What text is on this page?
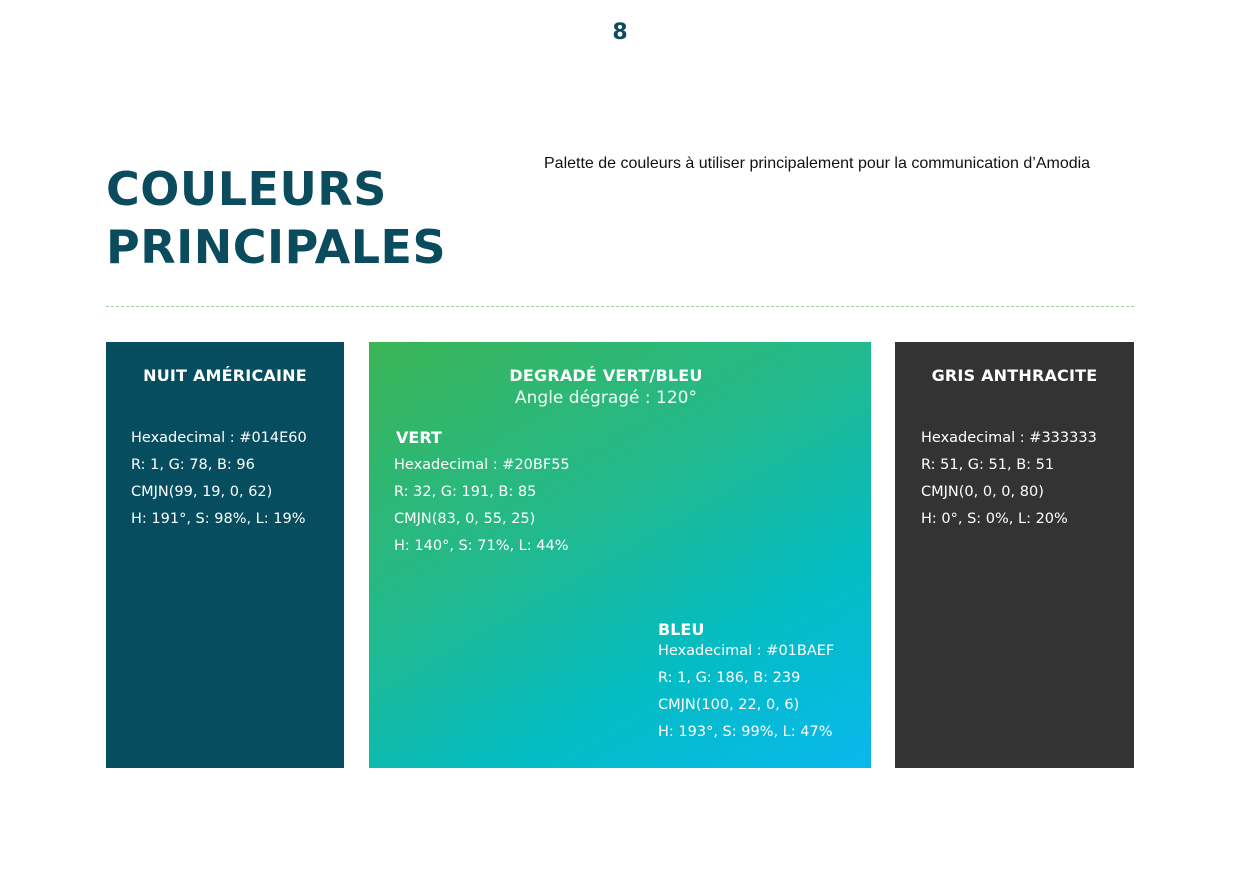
8
COULEURS
PRINCIPALES
Palette de couleurs à utiliser principalement pour la communication d’Amodia
NUIT AMÉRICAINE
Hexadecimal : #014E60
R: 1, G: 78, B: 96
CMJN(99, 19, 0, 62)
H: 191°, S: 98%, L: 19%
DEGRADÉ VERT/BLEU
Angle dégragé : 120°
VERT
Hexadecimal : #20BF55
R: 32, G: 191, B: 85
CMJN(83, 0, 55, 25)
H: 140°, S: 71%, L: 44%
BLEU
Hexadecimal : #01BAEF
R: 1, G: 186, B: 239
CMJN(100, 22, 0, 6)
H: 193°, S: 99%, L: 47%
GRIS ANTHRACITE
Hexadecimal : #333333
R: 51, G: 51, B: 51
CMJN(0, 0, 0, 80)
H: 0°, S: 0%, L: 20%
